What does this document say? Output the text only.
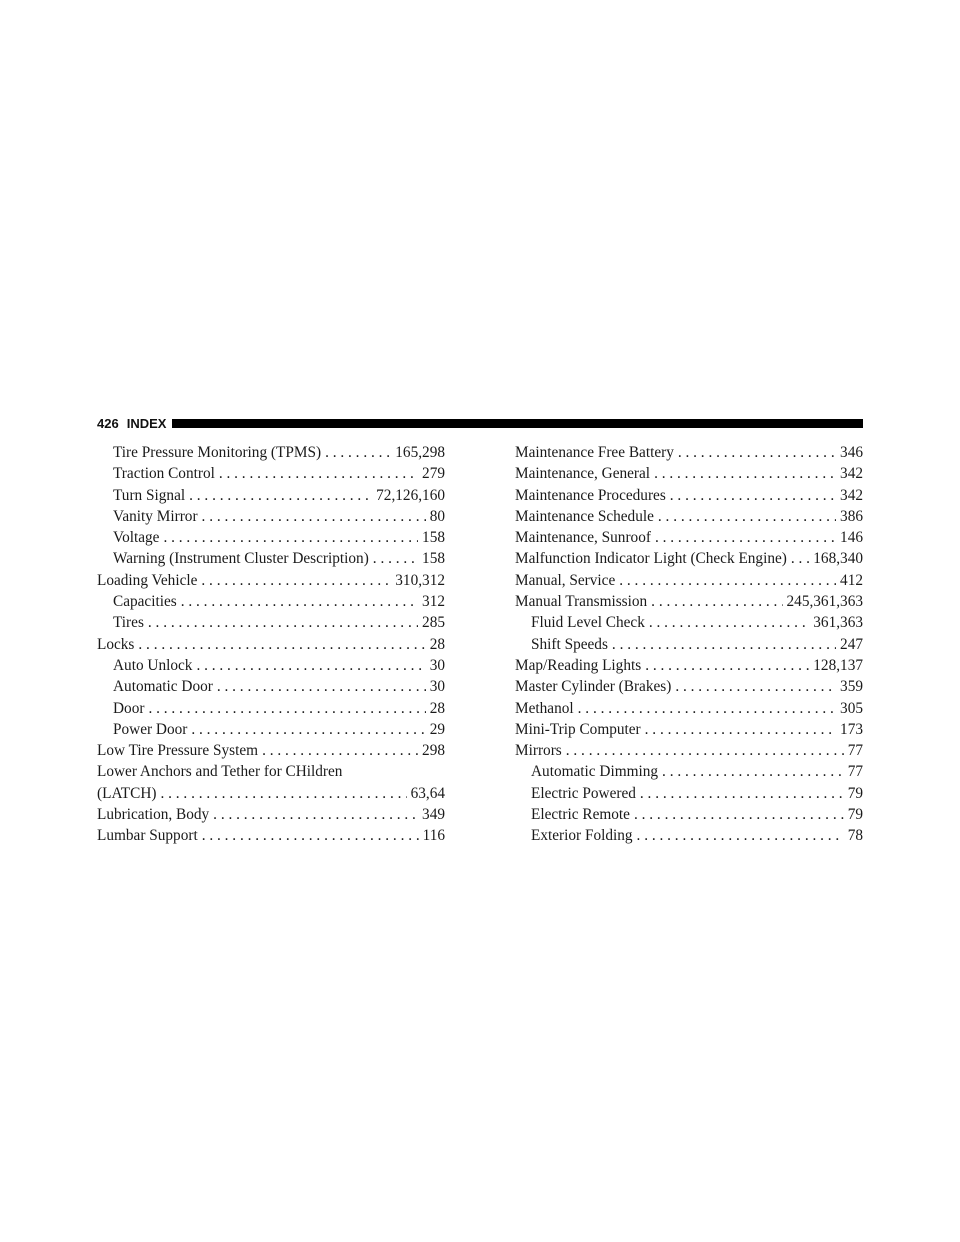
426 INDEX
Tire Pressure Monitoring (TPMS) . . .	165,298
Traction Control . . .	279
Turn Signal . . .	72,126,160
Vanity Mirror . . .	80
Voltage . . .	158
Warning (Instrument Cluster Description) . . .	158
Loading Vehicle . . .	310,312
Capacities . . .	312
Tires . . .	285
Locks . . .	28
Auto Unlock . . .	30
Automatic Door . . .	30
Door . . .	28
Power Door . . .	29
Low Tire Pressure System . . .	298
Lower Anchors and Tether for CHildren
(LATCH) . . .	63,64
Lubrication, Body . . .	349
Lumbar Support . . .	116
Maintenance Free Battery . . .	346
Maintenance, General . . .	342
Maintenance Procedures . . .	342
Maintenance Schedule . . .	386
Maintenance, Sunroof . . .	146
Malfunction Indicator Light (Check Engine) . . . 168,340
Manual, Service . . .	412
Manual Transmission . . .	245,361,363
Fluid Level Check . . .	361,363
Shift Speeds . . .	247
Map/Reading Lights . . .	128,137
Master Cylinder (Brakes) . . .	359
Methanol . . .	305
Mini-Trip Computer . . .	173
Mirrors . . .	77
Automatic Dimming . . .	77
Electric Powered . . .	79
Electric Remote . . .	79
Exterior Folding . . .	78
